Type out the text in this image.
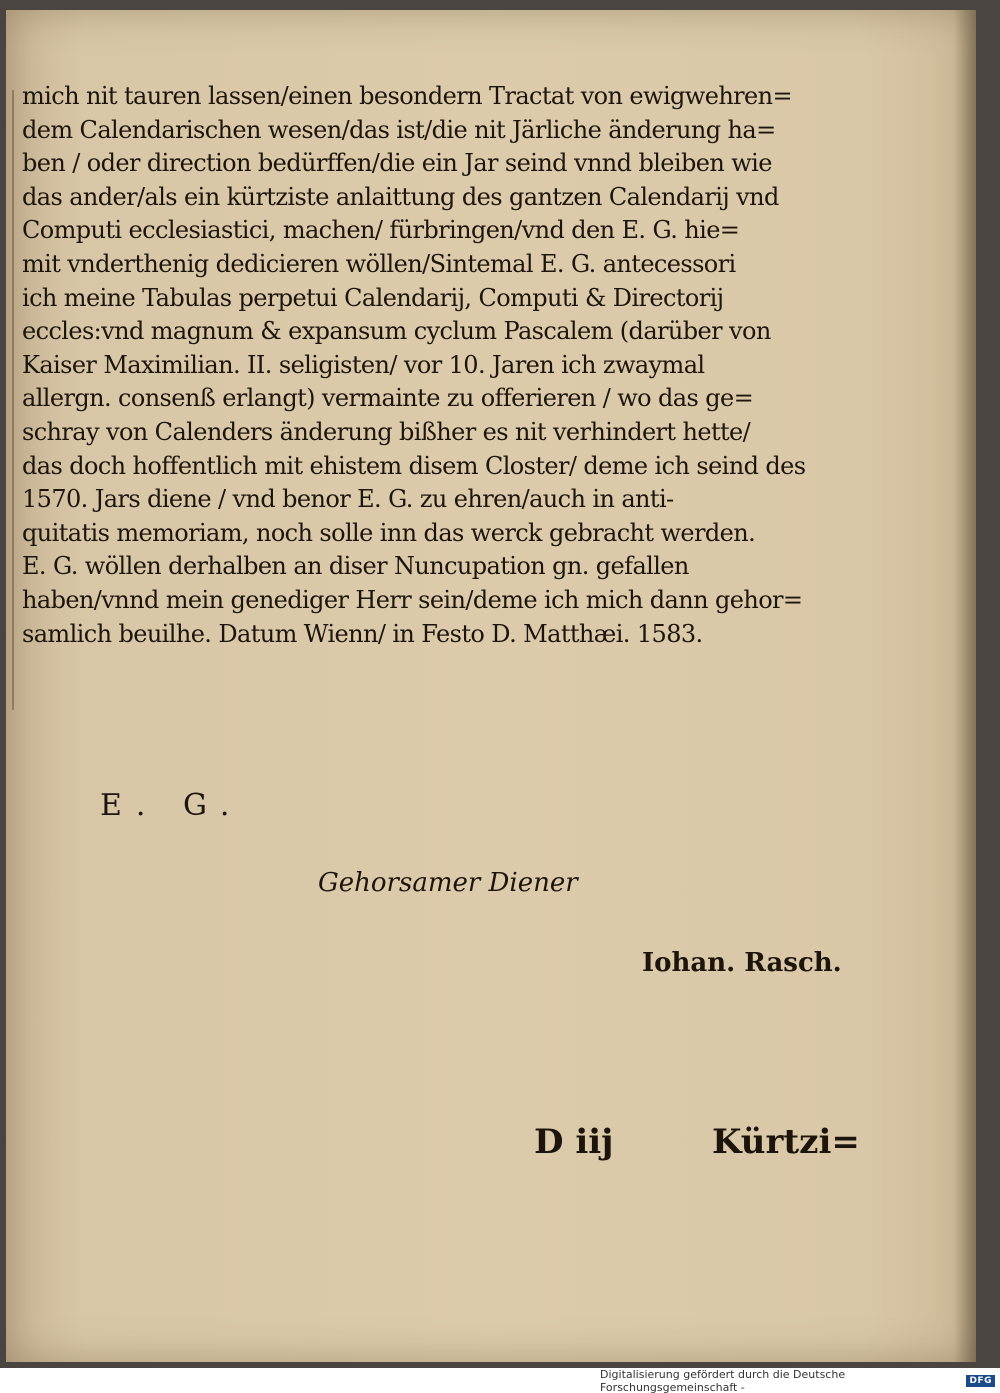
mich nit tauren lassen/einen besondern Tractat von ewigwehren=
dem Calendarischen wesen/das ist/die nit Järliche änderung ha=
ben / oder direction bedürffen/die ein Jar seind vnnd bleiben wie
das ander/als ein kürtziste anlaittung des gantzen Calendarij vnd
Computi ecclesiastici, machen/ fürbringen/vnd den E. G. hie=
mit vnderthenig dedicieren wöllen/Sintemal E. G. antecessori
ich meine Tabulas perpetui Calendarij, Computi & Directorij
eccles:vnd magnum & expansum cyclum Pascalem (darüber von
Kaiser Maximilian. II. seligisten/ vor 10. Jaren ich zwaymal
allergn. consenß erlangt) vermainte zu offerieren / wo das ge=
schray von Calenders änderung bißher es nit verhindert hette/
das doch hoffentlich mit ehistem disem Closter/ deme ich seind des
1570. Jars diene / vnd benor E. G. zu ehren/auch in anti-
quitatis memoriam, noch solle inn das werck gebracht werden.
E. G. wöllen derhalben an diser Nuncupation gn. gefallen
haben/vnnd mein genediger Herr sein/deme ich mich dann gehor=
samlich beuilhe. Datum Wienn/ in Festo D. Matthæi. 1583.
E. G.
Gehorsamer Diener
Iohan. Rasch.
D iij	Kürtzi=
Digitalisierung gefördert durch die Deutsche Forschungsgemeinschaft -	DFG
